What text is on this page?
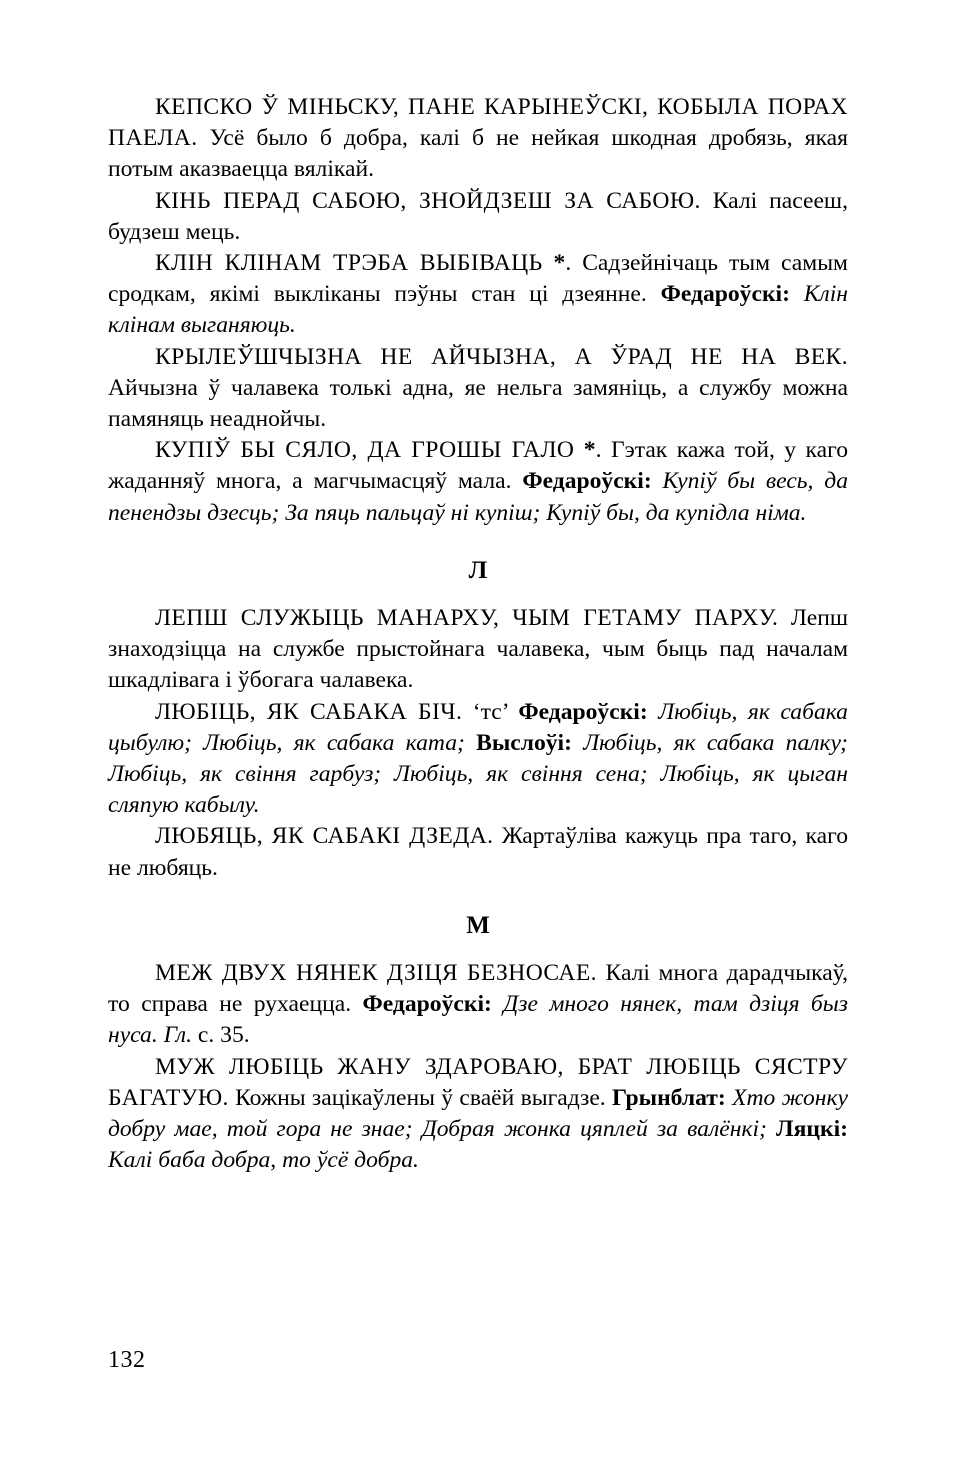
КЕПСКО Ў МІНЬСКУ, ПАНЕ КАРЫНЕЎСКІ, КОБЫЛА ПОРАХ ПАЕЛА. Усё было б добра, калі б не нейкая шкодная дробязь, якая потым аказваецца вялікай.

КІНЬ ПЕРАД САБОЮ, ЗНОЙДЗЕШ ЗА САБОЮ. Калі пасееш, будзеш мець.

КЛІН КЛІНАМ ТРЭБА ВЫБІВАЦЬ *. Садзейнічаць тым самым сродкам, якімі выкліканы пэўны стан ці дзеянне. Федароўскі: Клін клінам выганяюць.

КРЫЛЕЎШЧЫЗНА НЕ АЙЧЫЗНА, А ЎРАД НЕ НА ВЕК. Айчызна ў чалавека толькі адна, яе нельга замяніць, а службу можна памяняць неаднойчы.

КУПІЎ БЫ СЯЛО, ДА ГРОШЫ ГАЛО *. Гэтак кажа той, у каго жаданняў многа, а магчымасцяў мала. Федароўскі: Купіў бы весь, да пенендзы дзесць; За пяць пальцаў ні купіш; Купіў бы, да купідла німа.

Л

ЛЕПШ СЛУЖЫЦЬ МАНАРХУ, ЧЫМ ГЕТАМУ ПАРХУ. Лепш знаходзіцца на службе прыстойнага чалавека, чым быць пад началам шкадлівага і ўбогага чалавека.

ЛЮБІЦЬ, ЯК САБАКА БІЧ. ‘тс’ Федароўскі: Любіць, як сабака цыбулю; Любіць, як сабака ката; Выслоўі: Любіць, як сабака палку; Любіць, як свіння гарбуз; Любіць, як свіння сена; Любіць, як цыган сляпую кабылу.

ЛЮБЯЦЬ, ЯК САБАКІ ДЗЕДА. Жартаўліва кажуць пра таго, каго не любяць.

М

МЕЖ ДВУХ НЯНЕК ДЗІЦЯ БЕЗНОСАЕ. Калі многа дарадчыкаў, то справа не рухаецца. Федароўскі: Дзе много нянек, там дзіця быз нуса. Гл. с. 35.

МУЖ ЛЮБІЦЬ ЖАНУ ЗДАРОВАЮ, БРАТ ЛЮБІЦЬ СЯСТРУ БАГАТУЮ. Кожны зацікаўлены ў сваёй выгадзе. Грынблат: Хто жонку добру мае, той гора не знае; Добрая жонка цяплей за валёнкі; Ляцкі: Калі баба добра, то ўсё добра.

132
